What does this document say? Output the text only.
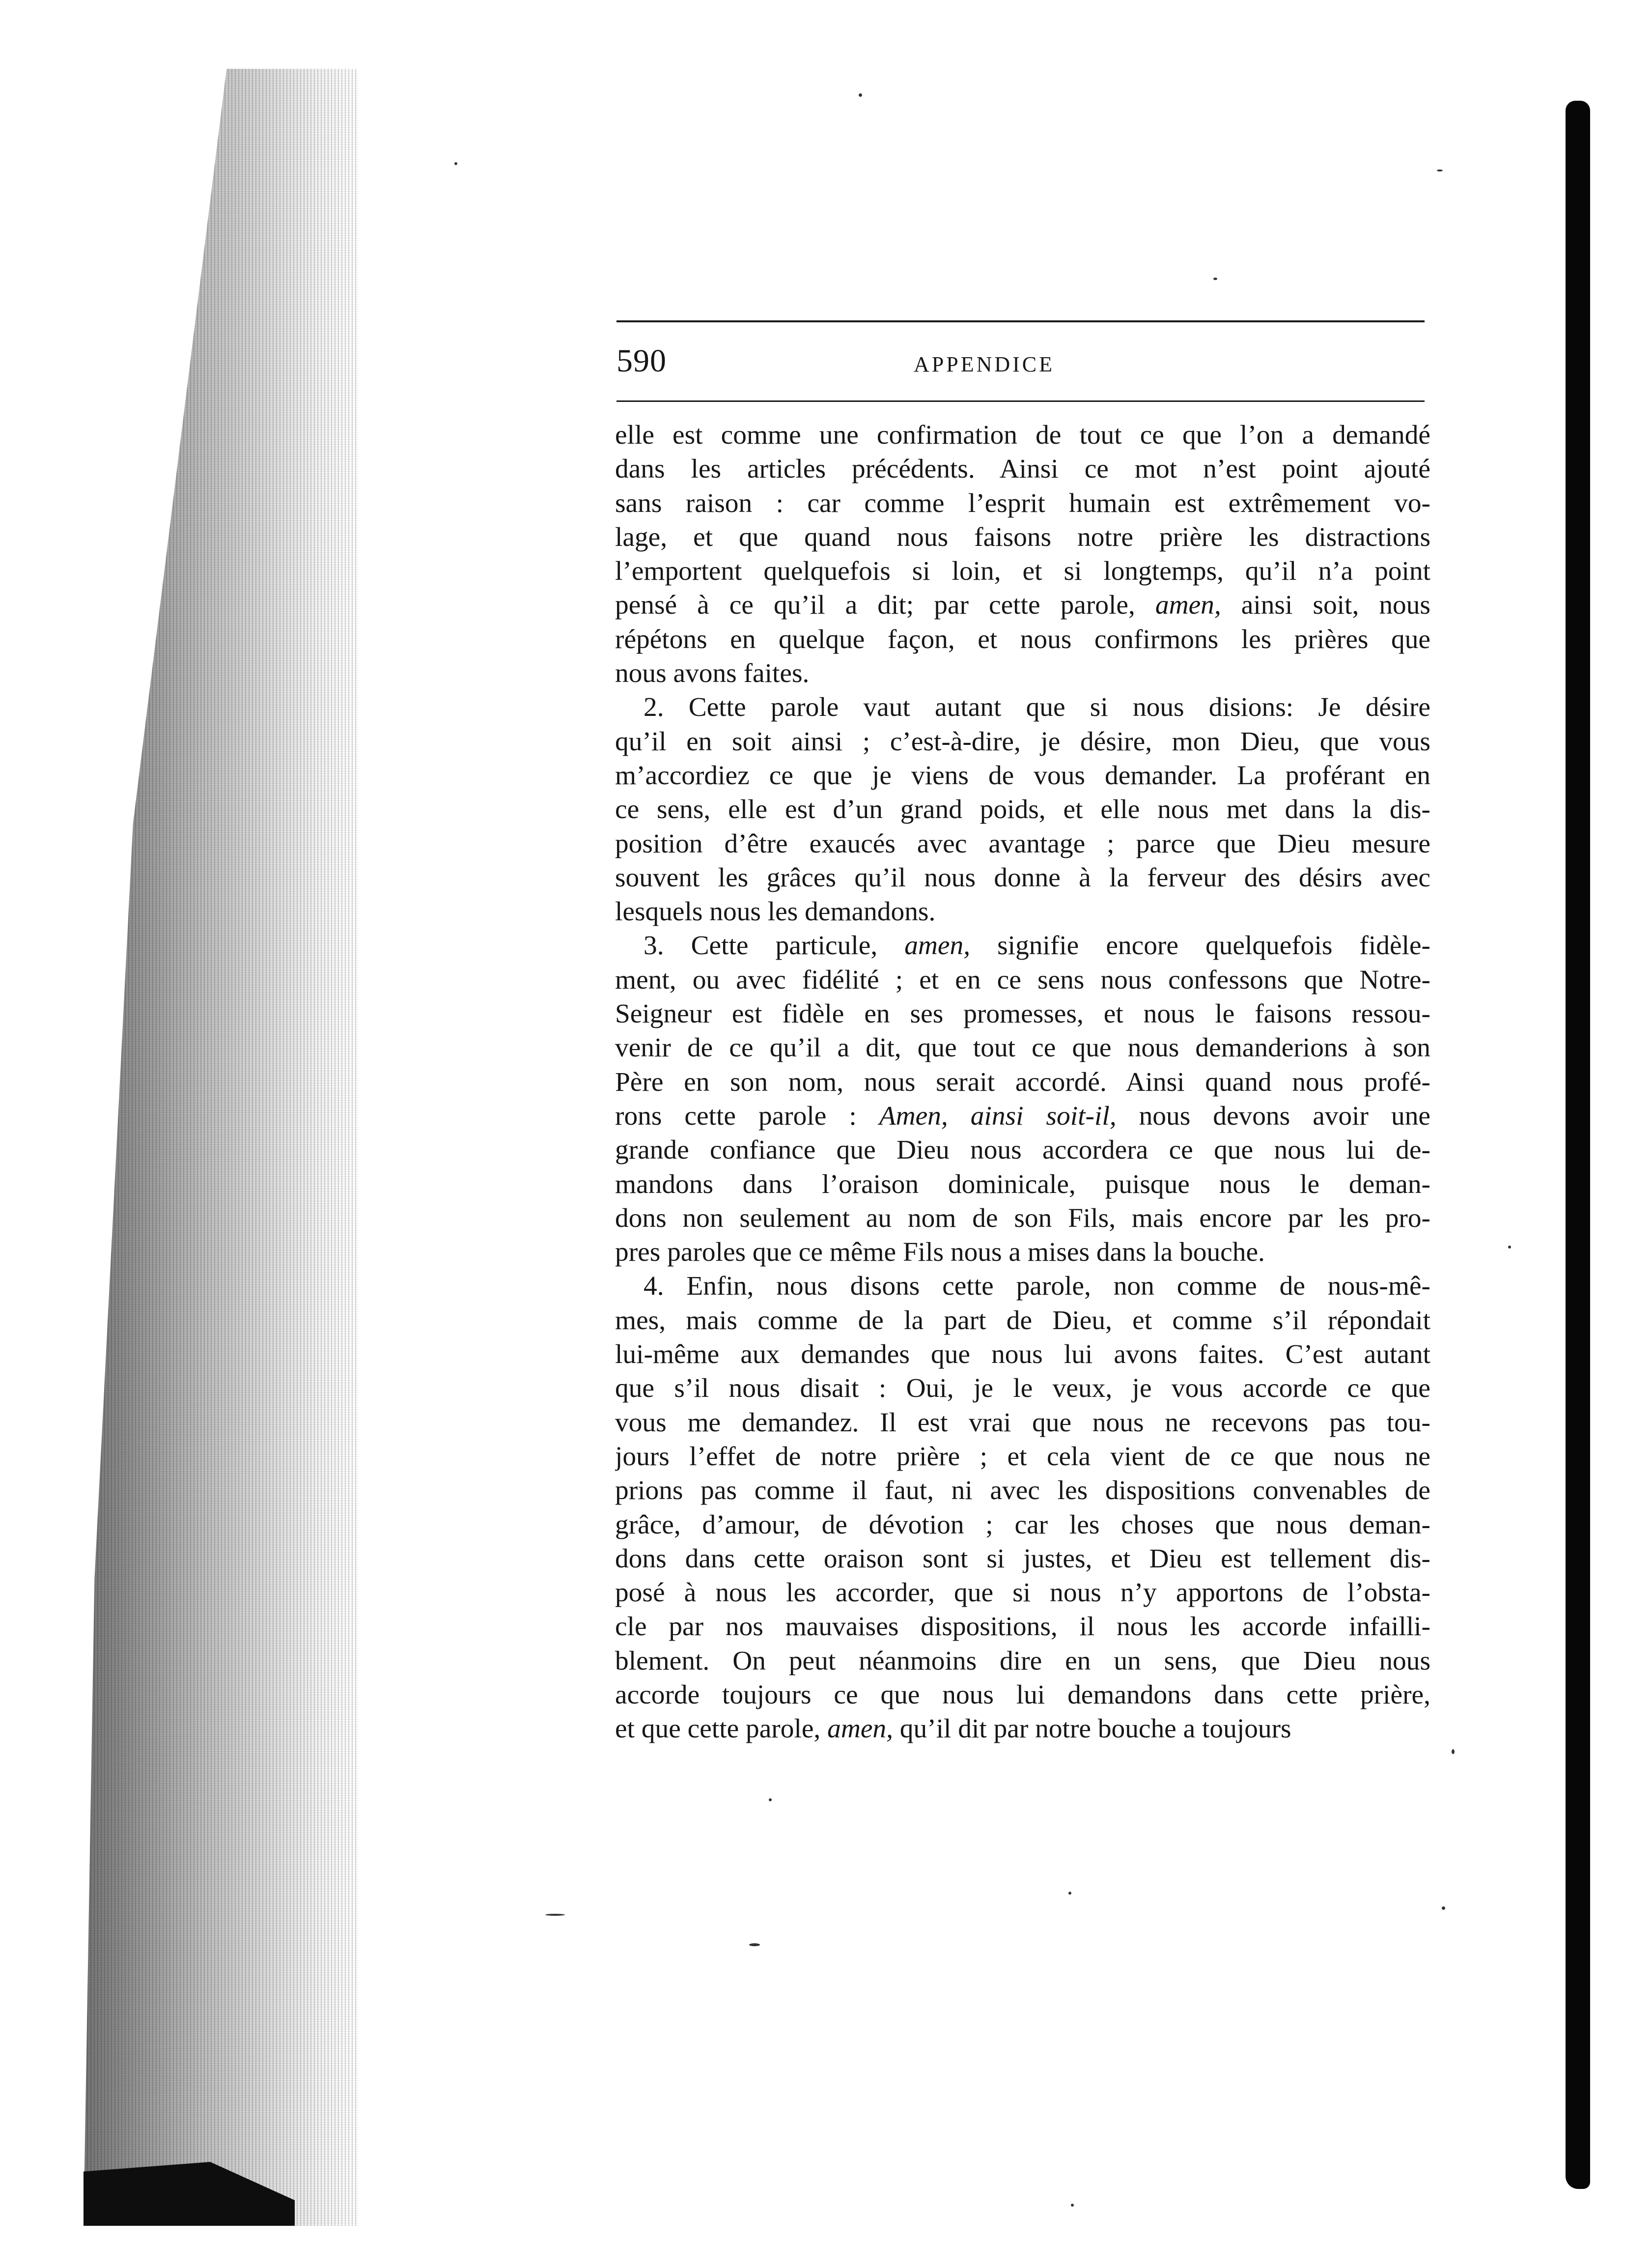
590	APPENDICE
elle est comme une confirmation de tout ce que l’on a demandé
dans les articles précédents. Ainsi ce mot n’est point ajouté
sans raison : car comme l’esprit humain est extrêmement vo-
lage, et que quand nous faisons notre prière les distractions
l’emportent quelquefois si loin, et si longtemps, qu’il n’a point
pensé à ce qu’il a dit; par cette parole, amen, ainsi soit, nous
répétons en quelque façon, et nous confirmons les prières que
nous avons faites.
2. Cette parole vaut autant que si nous disions: Je désire
qu’il en soit ainsi ; c’est-à-dire, je désire, mon Dieu, que vous
m’accordiez ce que je viens de vous demander. La proférant en
ce sens, elle est d’un grand poids, et elle nous met dans la dis-
position d’être exaucés avec avantage ; parce que Dieu mesure
souvent les grâces qu’il nous donne à la ferveur des désirs avec
lesquels nous les demandons.
3. Cette particule, amen, signifie encore quelquefois fidèle-
ment, ou avec fidélité ; et en ce sens nous confessons que Notre-
Seigneur est fidèle en ses promesses, et nous le faisons ressou-
venir de ce qu’il a dit, que tout ce que nous demanderions à son
Père en son nom, nous serait accordé. Ainsi quand nous profé-
rons cette parole : Amen, ainsi soit-il, nous devons avoir une
grande confiance que Dieu nous accordera ce que nous lui de-
mandons dans l’oraison dominicale, puisque nous le deman-
dons non seulement au nom de son Fils, mais encore par les pro-
pres paroles que ce même Fils nous a mises dans la bouche.
4. Enfin, nous disons cette parole, non comme de nous-mê-
mes, mais comme de la part de Dieu, et comme s’il répondait
lui-même aux demandes que nous lui avons faites. C’est autant
que s’il nous disait : Oui, je le veux, je vous accorde ce que
vous me demandez. Il est vrai que nous ne recevons pas tou-
jours l’effet de notre prière ; et cela vient de ce que nous ne
prions pas comme il faut, ni avec les dispositions convenables de
grâce, d’amour, de dévotion ; car les choses que nous deman-
dons dans cette oraison sont si justes, et Dieu est tellement dis-
posé à nous les accorder, que si nous n’y apportons de l’obsta-
cle par nos mauvaises dispositions, il nous les accorde infailli-
blement. On peut néanmoins dire en un sens, que Dieu nous
accorde toujours ce que nous lui demandons dans cette prière,
et que cette parole, amen, qu’il dit par notre bouche a toujours
